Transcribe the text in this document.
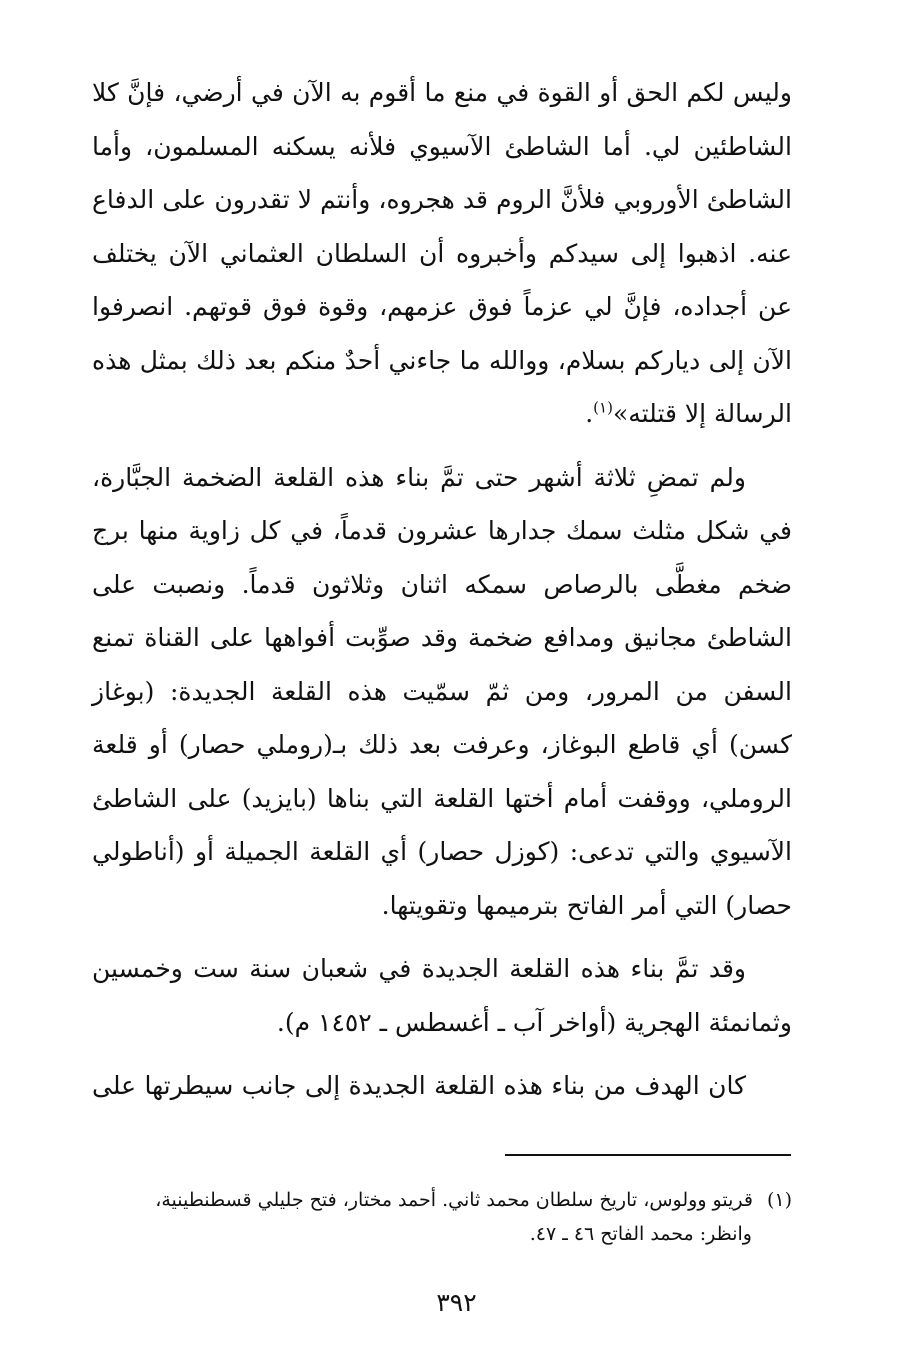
وليس لكم الحق أو القوة في منع ما أقوم به الآن في أرضي، فإنَّ كلا الشاطئين لي. أما الشاطئ الآسيوي فلأنه يسكنه المسلمون، وأما الشاطئ الأوروبي فلأنَّ الروم قد هجروه، وأنتم لا تقدرون على الدفاع عنه. اذهبوا إلى سيدكم وأخبروه أن السلطان العثماني الآن يختلف عن أجداده، فإنَّ لي عزماً فوق عزمهم، وقوة فوق قوتهم. انصرفوا الآن إلى دياركم بسلام، ووالله ما جاءني أحدٌ منكم بعد ذلك بمثل هذه الرسالة إلا قتلته»$^{(١)}$.

ولم تمضِ ثلاثة أشهر حتى تمَّ بناء هذه القلعة الضخمة الجبَّارة، في شكل مثلث سمك جدارها عشرون قدماً، في كل زاوية منها برج ضخم مغطَّى بالرصاص سمكه اثنان وثلاثون قدماً. ونصبت على الشاطئ مجانيق ومدافع ضخمة وقد صوِّبت أفواهها على القناة تمنع السفن من المرور، ومن ثمّ سمّيت هذه القلعة الجديدة: (بوغاز كسن) أي قاطع البوغاز، وعرفت بعد ذلك بـ(روملي حصار) أو قلعة الروملي، ووقفت أمام أختها القلعة التي بناها (بايزيد) على الشاطئ الآسيوي والتي تدعى: (كوزل حصار) أي القلعة الجميلة أو (أناطولي حصار) التي أمر الفاتح بترميمها وتقويتها.

وقد تمَّ بناء هذه القلعة الجديدة في شعبان سنة ست وخمسين وثمانمئة الهجرية (أواخر آب ـ أغسطس ـ ١٤٥٢ م).

كان الهدف من بناء هذه القلعة الجديدة إلى جانب سيطرتها على

(١)قريتو وولوس، تاريخ سلطان محمد ثاني. أحمد مختار، فتح جليلي قسطنطينية،
وانظر: محمد الفاتح ٤٦ ـ ٤٧.
٣٩٢
